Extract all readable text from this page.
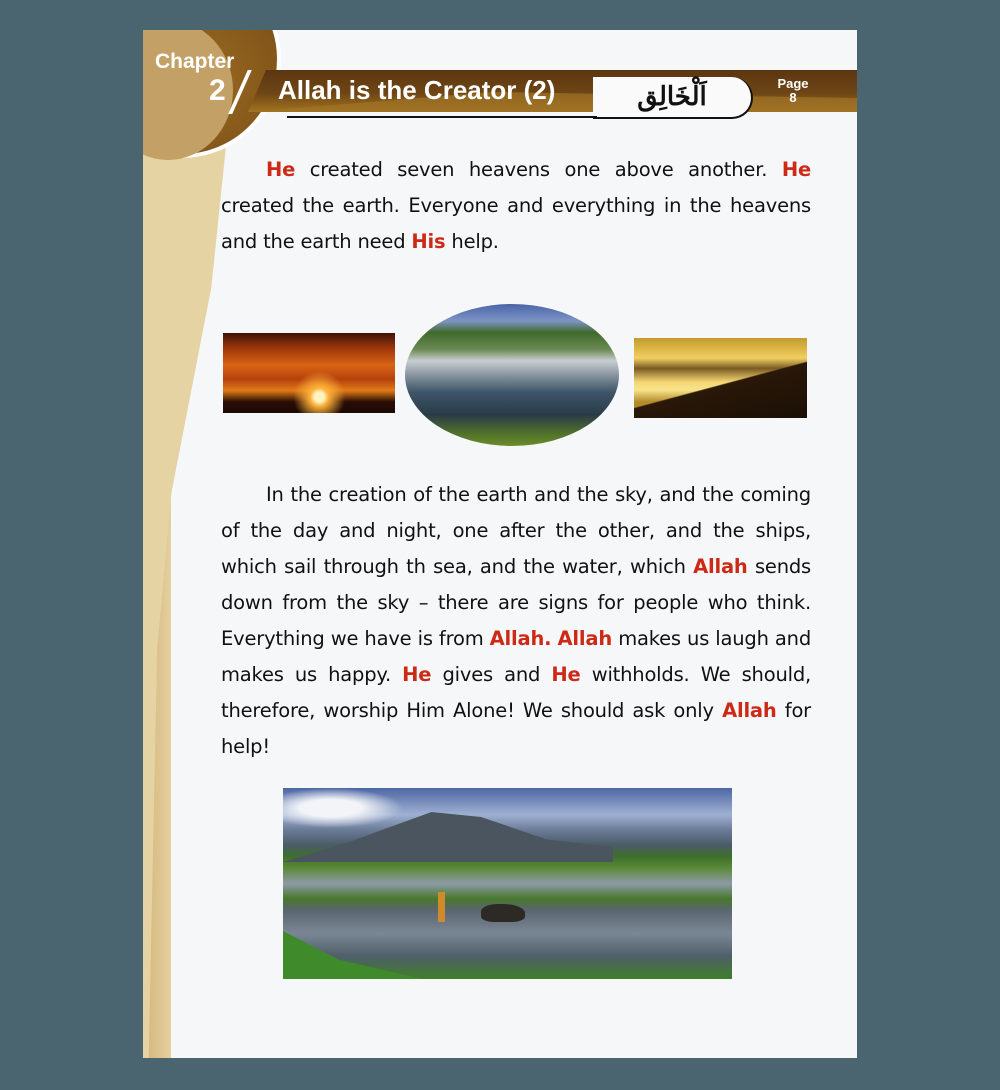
Chapter
2 Allah is the Creator (2)	اَلْخَالِق	Page
8

He created seven heavens one above another. He created the earth. Everyone and everything in the heavens and the earth need His help.

In the creation of the earth and the sky, and the coming of the day and night, one after the other, and the ships, which sail through th sea, and the water, which Allah sends down from the sky – there are signs for people who think. Everything we have is from Allah. Allah makes us laugh and makes us happy. He gives and He withholds. We should, therefore, worship Him Alone! We should ask only Allah for help!
